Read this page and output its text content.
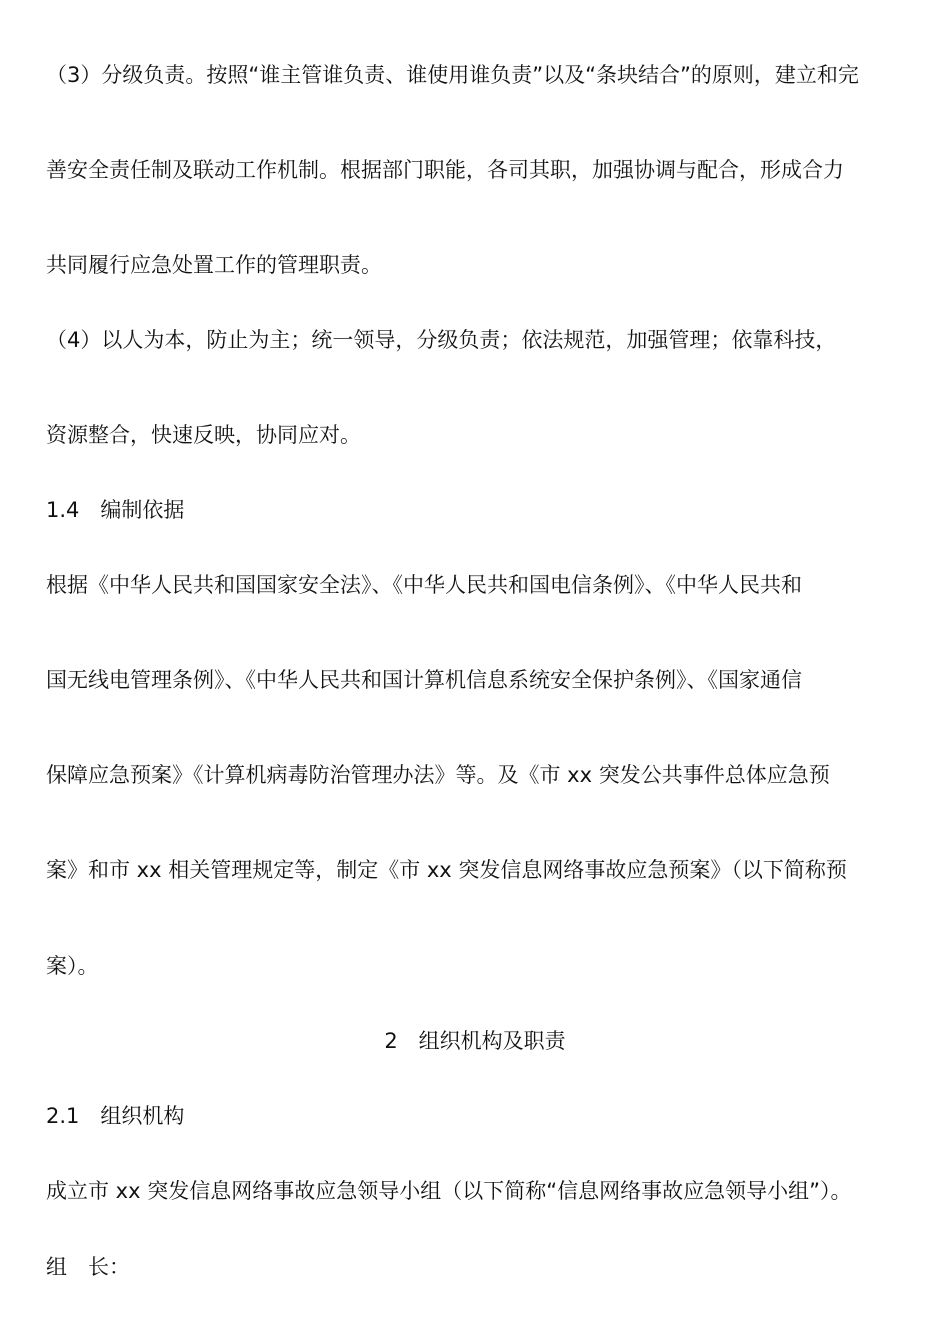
（3）分级负责。按照“谁主管谁负责、谁使用谁负责”以及“条块结合”的原则，建立和完
善安全责任制及联动工作机制。根据部门职能，各司其职，加强协调与配合，形成合力
共同履行应急处置工作的管理职责。
（4）以人为本，防止为主；统一领导，分级负责；依法规范，加强管理；依靠科技，
资源整合，快速反映，协同应对。
1.4　编制依据
根据《中华人民共和国国家安全法》、《中华人民共和国电信条例》、《中华人民共和
国无线电管理条例》、《中华人民共和国计算机信息系统安全保护条例》、《国家通信
保障应急预案》《计算机病毒防治管理办法》等。及《市 xx 突发公共事件总体应急预
案》和市 xx 相关管理规定等，制定《市 xx 突发信息网络事故应急预案》（以下简称预
案）。
2　组织机构及职责
2.1　组织机构
成立市 xx 突发信息网络事故应急领导小组（以下简称“信息网络事故应急领导小组”）。
组　长：
